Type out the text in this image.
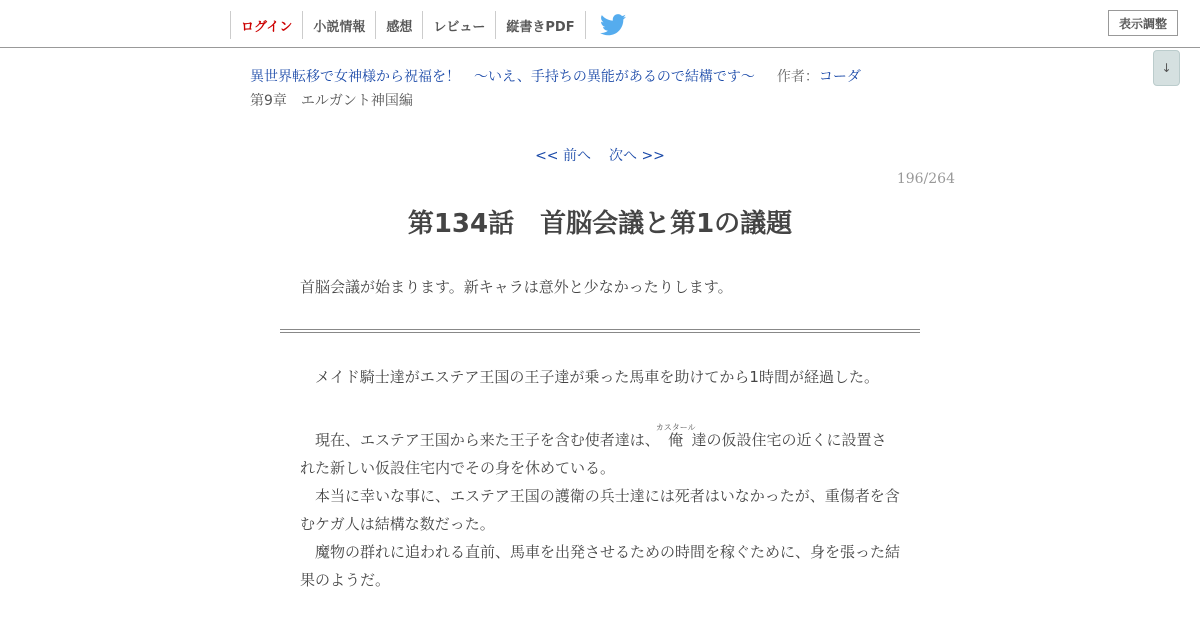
ログイン	小説情報	感想	レビュー	縦書きPDF	表示調整
↓
異世界転移で女神様から祝福を！　～いえ、手持ちの異能があるので結構です～ 作者：コーダ
第9章　エルガント神国編
<< 前へ 次へ >>
196/264
第134話　首脳会議と第1の議題
首脳会議が始まります。新キャラは意外と少なかったりします。

　メイド騎士達がエステア王国の王子達が乗った馬車を助けてから1時間が経過した。

　現在、エステア王国から来た王子を含む使者達は、俺カスタール達の仮設住宅の近くに設置された新しい仮設住宅内でその身を休めている。

　本当に幸いな事に、エステア王国の護衛の兵士達には死者はいなかったが、重傷者を含むケガ人は結構な数だった。

　魔物の群れに追われる直前、馬車を出発させるための時間を稼ぐために、身を張った結果のようだ。
